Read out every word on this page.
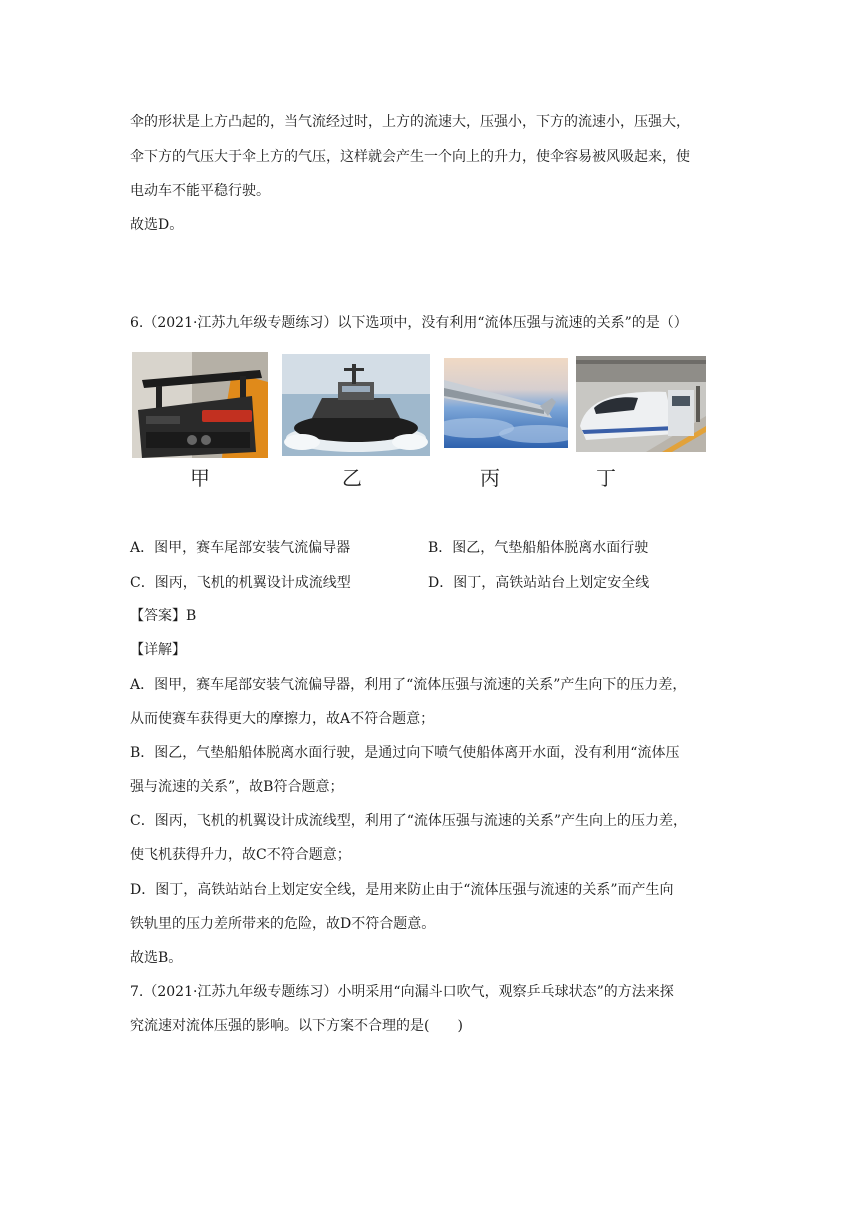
伞的形状是上方凸起的，当气流经过时，上方的流速大，压强小，下方的流速小，压强大，
伞下方的气压大于伞上方的气压，这样就会产生一个向上的升力，使伞容易被风吸起来，使
电动车不能平稳行驶。
故选D。
6.（2021·江苏九年级专题练习）以下选项中，没有利用“流体压强与流速的关系”的是（）
甲	乙	丙	丁
A．图甲，赛车尾部安装气流偏导器	B．图乙，气垫船船体脱离水面行驶
C．图丙，飞机的机翼设计成流线型	D．图丁，高铁站站台上划定安全线
【答案】B
【详解】
A．图甲，赛车尾部安装气流偏导器，利用了“流体压强与流速的关系”产生向下的压力差，
从而使赛车获得更大的摩擦力，故A不符合题意；
B．图乙，气垫船船体脱离水面行驶，是通过向下喷气使船体离开水面，没有利用“流体压
强与流速的关系”，故B符合题意；
C．图丙，飞机的机翼设计成流线型，利用了“流体压强与流速的关系”产生向上的压力差，
使飞机获得升力，故C不符合题意；
D．图丁，高铁站站台上划定安全线，是用来防止由于“流体压强与流速的关系”而产生向
铁轨里的压力差所带来的危险，故D不符合题意。
故选B。
7.（2021·江苏九年级专题练习）小明采用“向漏斗口吹气，观察乒乓球状态”的方法来探
究流速对流体压强的影响。以下方案不合理的是(　　)
